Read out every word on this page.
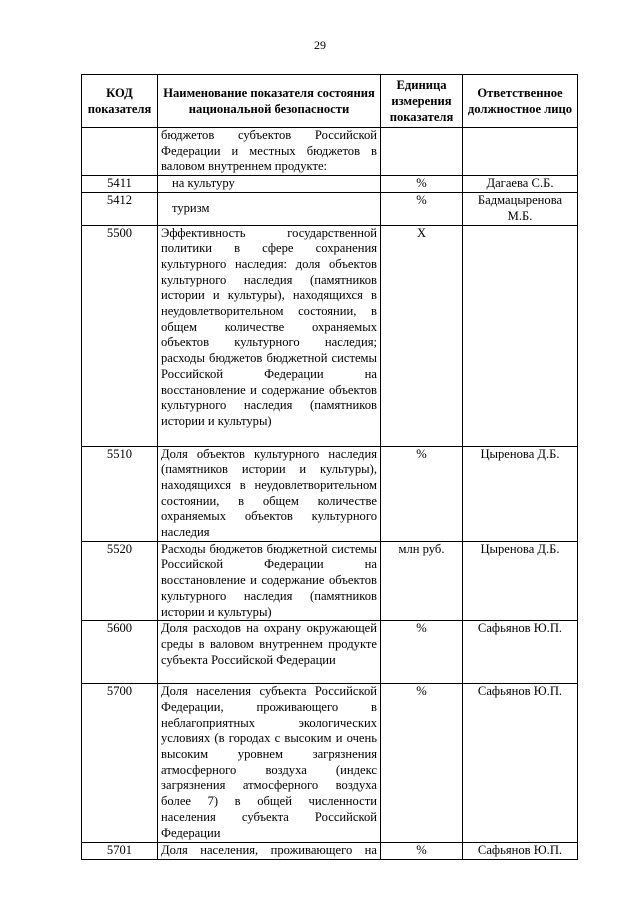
29
КОД показателя	Наименование показателя состояния национальной безопасности	Единица измерения показателя	Ответственное должностное лицо
	бюджетов субъектов Российской Федерации и местных бюджетов в валовом внутреннем продукте:		
5411	на культуру	%	Дагаева С.Б.
5412	туризм	%	Бадмацыренова М.Б.
5500	Эффективность государственной политики в сфере сохранения культурного наследия: доля объектов культурного наследия (памятников истории и культуры), находящихся в неудовлетворительном состоянии, в общем количестве охраняемых объектов культурного наследия; расходы бюджетов бюджетной системы Российской Федерации на восстановление и содержание объектов культурного наследия (памятников истории и культуры)	Х	
5510	Доля объектов культурного наследия (памятников истории и культуры), находящихся в неудовлетворительном состоянии, в общем количестве охраняемых объектов культурного наследия	%	Цыренова Д.Б.
5520	Расходы бюджетов бюджетной системы Российской Федерации на восстановление и содержание объектов культурного наследия (памятников истории и культуры)	млн руб.	Цыренова Д.Б.
5600	Доля расходов на охрану окружающей среды в валовом внутреннем продукте субъекта Российской Федерации	%	Сафьянов Ю.П.
5700	Доля населения субъекта Российской Федерации, проживающего в неблагоприятных экологических условиях (в городах с высоким и очень высоким уровнем загрязнения атмосферного воздуха (индекс загрязнения атмосферного воздуха более 7) в общей численности населения субъекта Российской Федерации	%	Сафьянов Ю.П.
5701	Доля населения, проживающего на	%	Сафьянов Ю.П.
